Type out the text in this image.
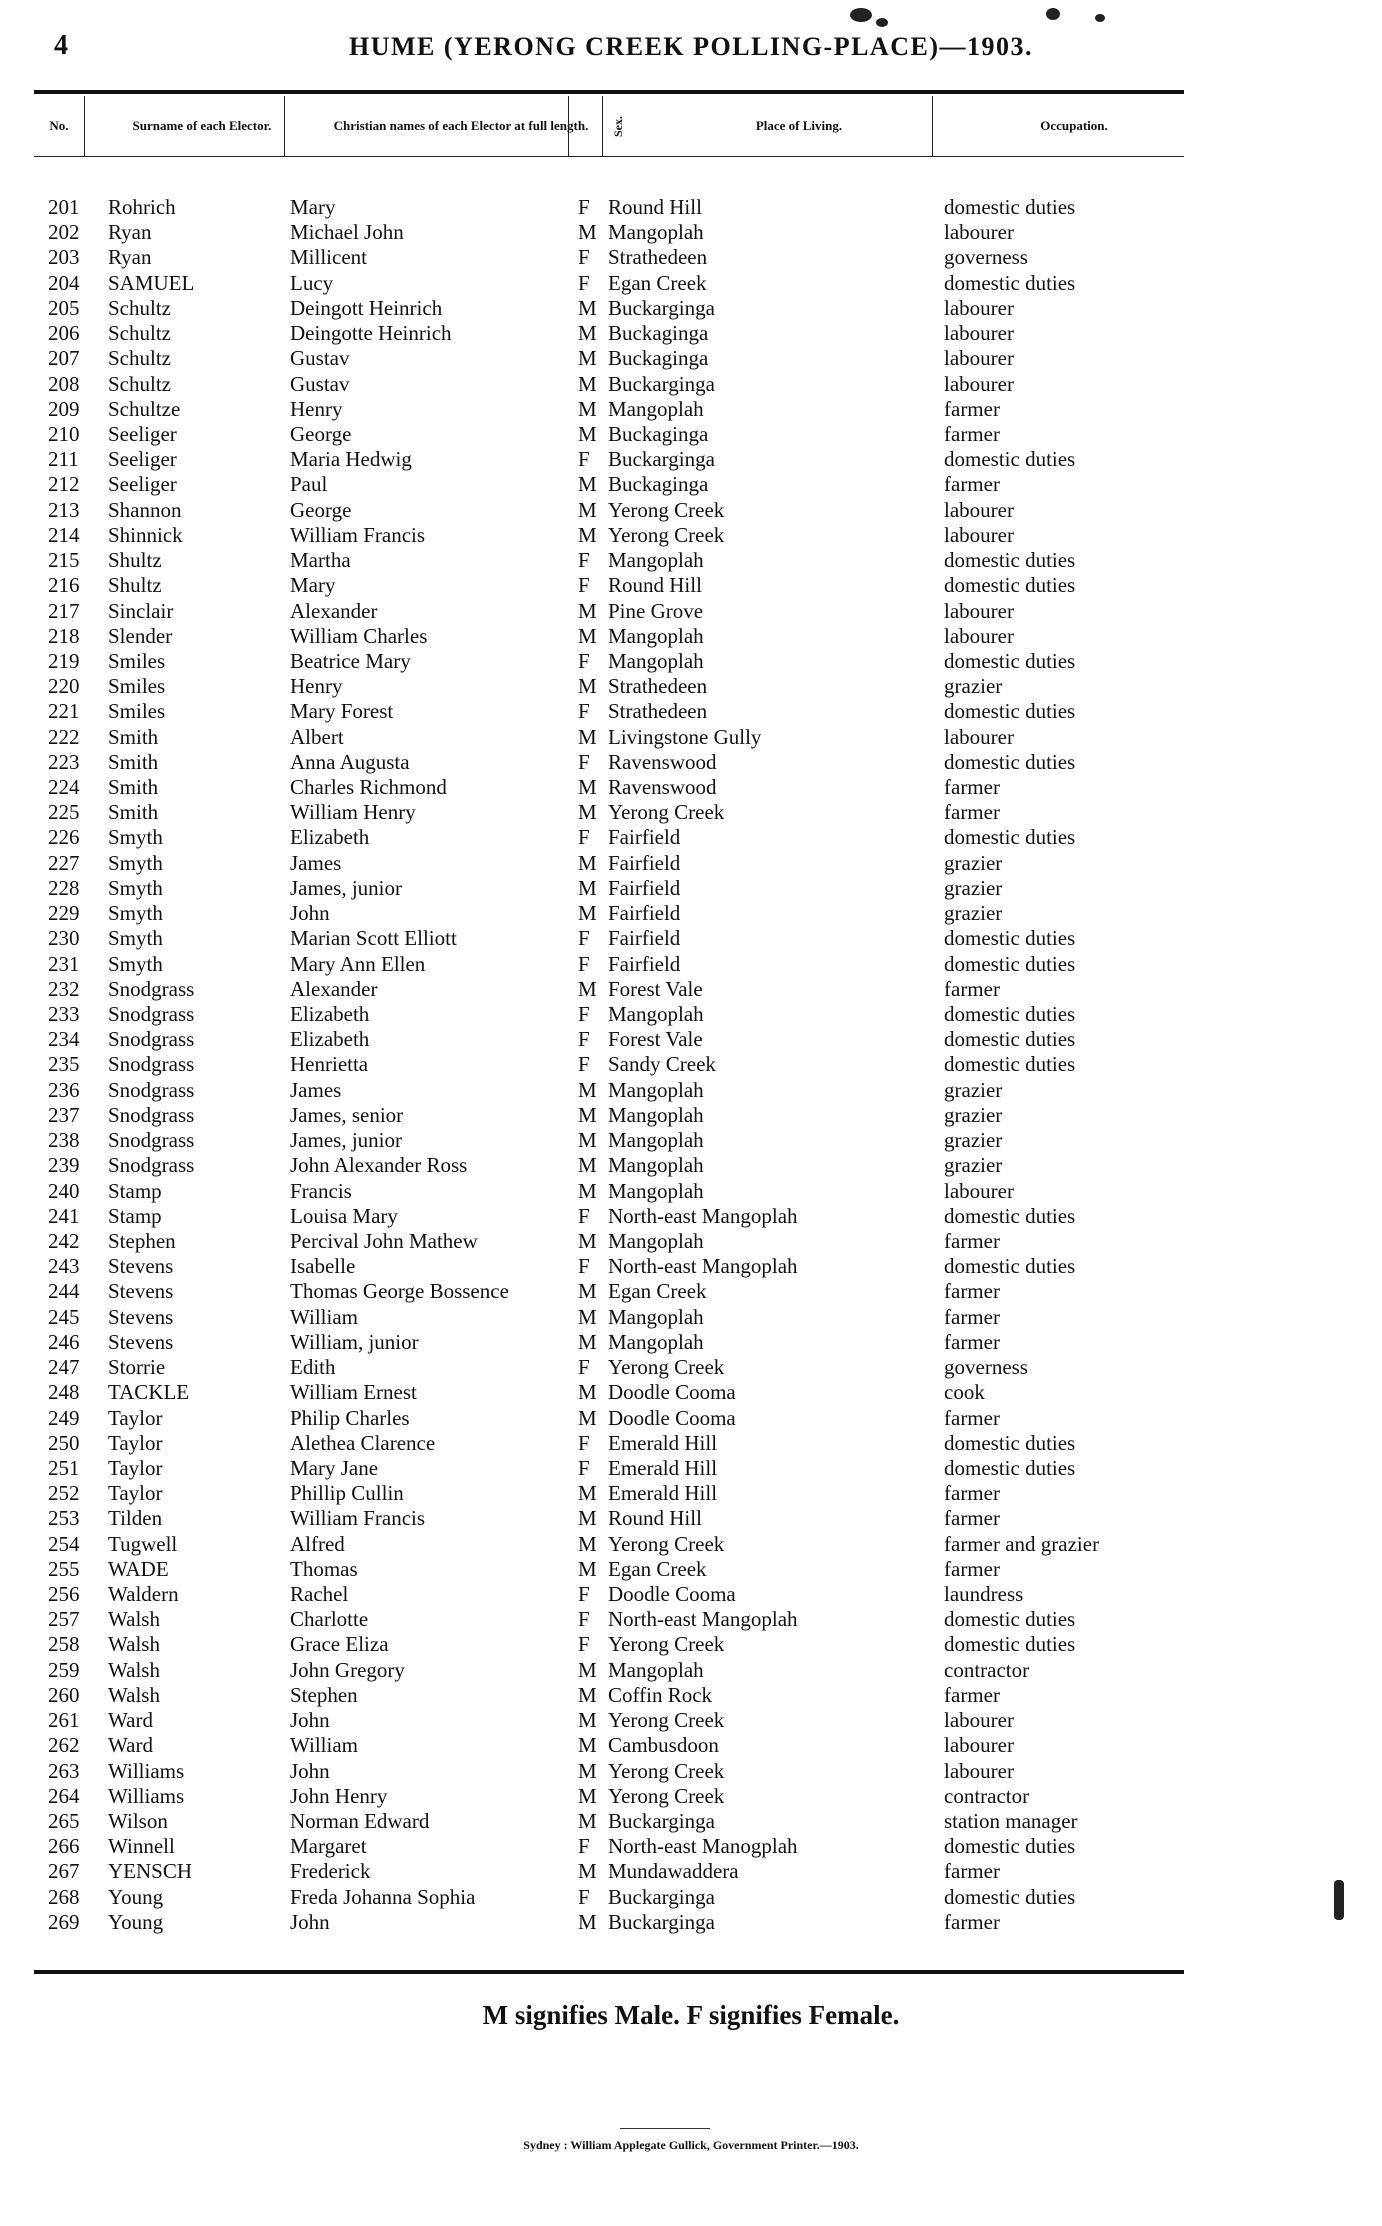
4	HUME (YERONG CREEK POLLING-PLACE)—1903.
No.	Surname of each Elector.	Christian names of each Elector at full length.	Sex.	Place of Living.	Occupation.
201 Rohrich	Mary	F Round Hill	domestic duties
202 Ryan	Michael John	M Mangoplah	labourer
203 Ryan	Millicent	F Strathedeen	governess
204 SAMUEL	Lucy	F Egan Creek	domestic duties
205 Schultz	Deingott Heinrich	M Buckarginga	labourer
206 Schultz	Deingotte Heinrich	M Buckaginga	labourer
207 Schultz	Gustav	M Buckaginga	labourer
208 Schultz	Gustav	M Buckarginga	labourer
209 Schultze	Henry	M Mangoplah	farmer
210 Seeliger	George	M Buckaginga	farmer
211 Seeliger	Maria Hedwig	F Buckarginga	domestic duties
212 Seeliger	Paul	M Buckaginga	farmer
213 Shannon	George	M Yerong Creek	labourer
214 Shinnick	William Francis	M Yerong Creek	labourer
215 Shultz	Martha	F Mangoplah	domestic duties
216 Shultz	Mary	F Round Hill	domestic duties
217 Sinclair	Alexander	M Pine Grove	labourer
218 Slender	William Charles	M Mangoplah	labourer
219 Smiles	Beatrice Mary	F Mangoplah	domestic duties
220 Smiles	Henry	M Strathedeen	grazier
221 Smiles	Mary Forest	F Strathedeen	domestic duties
222 Smith	Albert	M Livingstone Gully	labourer
223 Smith	Anna Augusta	F Ravenswood	domestic duties
224 Smith	Charles Richmond	M Ravenswood	farmer
225 Smith	William Henry	M Yerong Creek	farmer
226 Smyth	Elizabeth	F Fairfield	domestic duties
227 Smyth	James	M Fairfield	grazier
228 Smyth	James, junior	M Fairfield	grazier
229 Smyth	John	M Fairfield	grazier
230 Smyth	Marian Scott Elliott	F Fairfield	domestic duties
231 Smyth	Mary Ann Ellen	F Fairfield	domestic duties
232 Snodgrass	Alexander	M Forest Vale	farmer
233 Snodgrass	Elizabeth	F Mangoplah	domestic duties
234 Snodgrass	Elizabeth	F Forest Vale	domestic duties
235 Snodgrass	Henrietta	F Sandy Creek	domestic duties
236 Snodgrass	James	M Mangoplah	grazier
237 Snodgrass	James, senior	M Mangoplah	grazier
238 Snodgrass	James, junior	M Mangoplah	grazier
239 Snodgrass	John Alexander Ross	M Mangoplah	grazier
240 Stamp	Francis	M Mangoplah	labourer
241 Stamp	Louisa Mary	F North-east Mangoplah	domestic duties
242 Stephen	Percival John Mathew	M Mangoplah	farmer
243 Stevens	Isabelle	F North-east Mangoplah	domestic duties
244 Stevens	Thomas George Bossence	M Egan Creek	farmer
245 Stevens	William	M Mangoplah	farmer
246 Stevens	William, junior	M Mangoplah	farmer
247 Storrie	Edith	F Yerong Creek	governess
248 TACKLE	William Ernest	M Doodle Cooma	cook
249 Taylor	Philip Charles	M Doodle Cooma	farmer
250 Taylor	Alethea Clarence	F Emerald Hill	domestic duties
251 Taylor	Mary Jane	F Emerald Hill	domestic duties
252 Taylor	Phillip Cullin	M Emerald Hill	farmer
253 Tilden	William Francis	M Round Hill	farmer
254 Tugwell	Alfred	M Yerong Creek	farmer and grazier
255 WADE	Thomas	M Egan Creek	farmer
256 Waldern	Rachel	F Doodle Cooma	laundress
257 Walsh	Charlotte	F North-east Mangoplah	domestic duties
258 Walsh	Grace Eliza	F Yerong Creek	domestic duties
259 Walsh	John Gregory	M Mangoplah	contractor
260 Walsh	Stephen	M Coffin Rock	farmer
261 Ward	John	M Yerong Creek	labourer
262 Ward	William	M Cambusdoon	labourer
263 Williams	John	M Yerong Creek	labourer
264 Williams	John Henry	M Yerong Creek	contractor
265 Wilson	Norman Edward	M Buckarginga	station manager
266 Winnell	Margaret	F North-east Manogplah	domestic duties
267 YENSCH	Frederick	M Mundawaddera	farmer
268 Young	Freda Johanna Sophia	F Buckarginga	domestic duties
269 Young	John	M Buckarginga	farmer
M signifies Male. F signifies Female.
Sydney : William Applegate Gullick, Government Printer.—1903.
